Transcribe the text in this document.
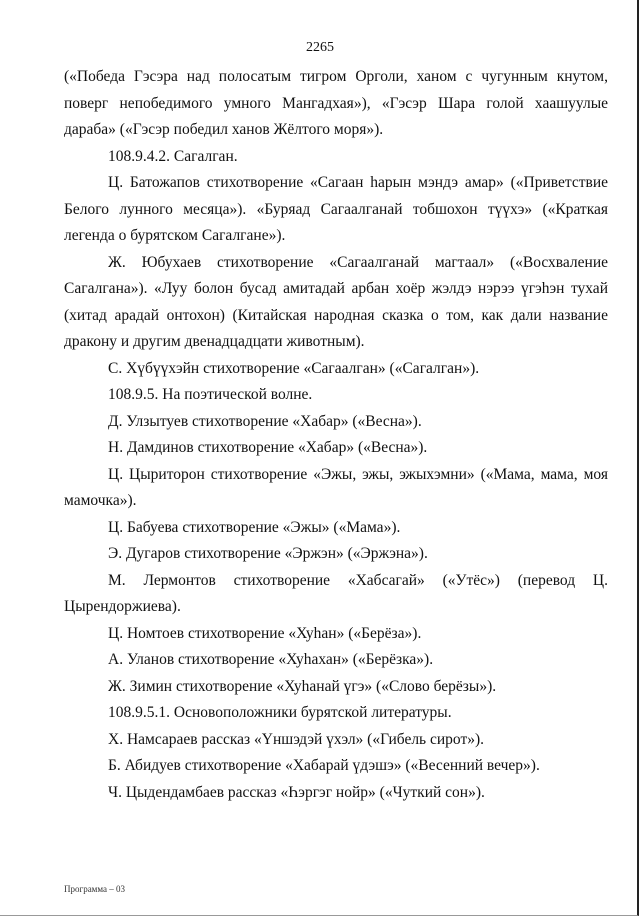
2265

(«Победа Гэсэра над полосатым тигром Орголи, ханом с чугунным кнутом, поверг непобедимого умного Мангадхая»), «Гэсэр Шара голой хаашуулые дараба» («Гэсэр победил ханов Жёлтого моря»).

108.9.4.2. Сагалган.

Ц. Батожапов стихотворение «Сагаан һарын мэндэ амар» («Приветствие Белого лунного месяца»). «Буряад Сагаалганай тобшохон түүхэ» («Краткая легенда о бурятском Сагалгане»).

Ж. Юбухаев стихотворение «Сагаалганай магтаал» («Восхваление Сагалгана»). «Луу болон бусад амитадай арбан хоёр жэлдэ нэрээ үгэһэн тухай (хитад арадай онтохон) (Китайская народная сказка о том, как дали название дракону и другим двенадцадцати животным).

С. Хүбүүхэйн стихотворение «Сагаалган» («Сагалган»).

108.9.5. На поэтической волне.

Д. Улзытуев стихотворение «Хабар» («Весна»).

Н. Дамдинов стихотворение «Хабар» («Весна»).

Ц. Цыриторон стихотворение «Эжы, эжы, эжыхэмни» («Мама, мама, моя мамочка»).

Ц. Бабуева стихотворение «Эжы» («Мама»).

Э. Дугаров стихотворение «Эржэн» («Эржэна»).

М. Лермонтов стихотворение «Хабсагай» («Утёс») (перевод Ц. Цырендоржиева).

Ц. Номтоев стихотворение «Хуһан» («Берёза»).

А. Уланов стихотворение «Хуһахан» («Берёзка»).

Ж. Зимин стихотворение «Хуһанай үгэ» («Слово берёзы»).

108.9.5.1. Основоположники бурятской литературы.

Х. Намсараев рассказ «Үншэдэй үхэл» («Гибель сирот»).

Б. Абидуев стихотворение «Хабарай үдэшэ» («Весенний вечер»).

Ч. Цыдендамбаев рассказ «Һэргэг нойр» («Чуткий сон»).

Программа – 03
